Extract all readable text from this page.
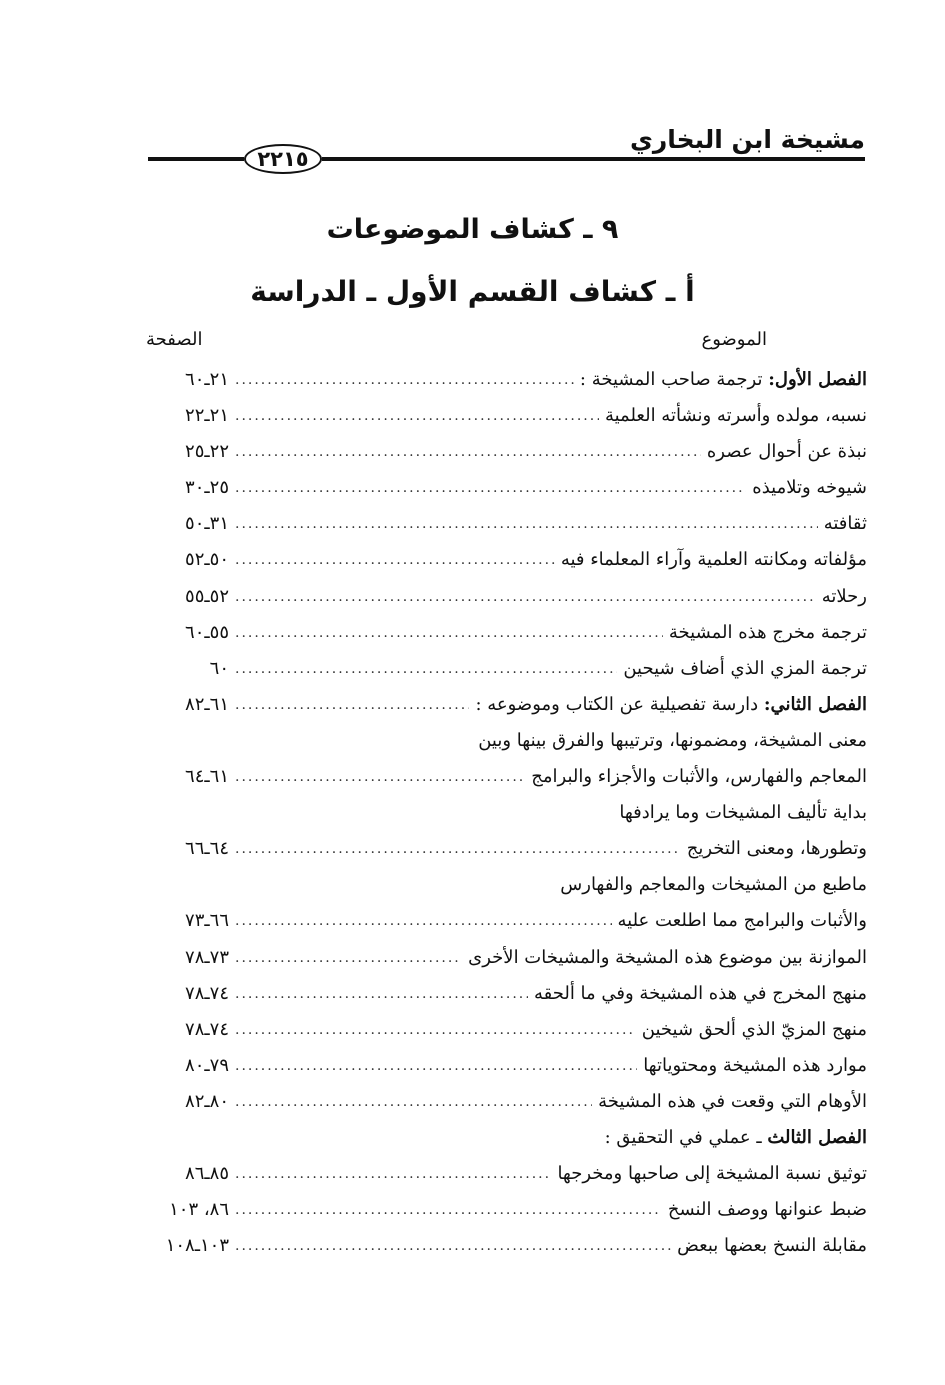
مشيخة ابن البخاري
٢٢١٥
٩ ـ كشاف الموضوعات
أ ـ كشاف القسم الأول ـ الدراسة
الموضوع
الصفحة
.....
الفصل الأول: ترجمة صاحب المشيخة :
٢١ـ٦٠
.....
نسبه، مولده وأسرته ونشأته العلمية
٢١ـ٢٢
.....
نبذة عن أحوال عصره
٢٢ـ٢٥
.....
شيوخه وتلاميذه
٢٥ـ٣٠
.....
ثقافته
٣١ـ٥٠
.....
مؤلفاته ومكانته العلمية وآراء المعلماء فيه
٥٠ـ٥٢
.....
رحلاته
٥٢ـ٥٥
.....
ترجمة مخرج هذه المشيخة
٥٥ـ٦٠
.....
ترجمة المزي الذي أضاف شيحين
٦٠
.....
الفصل الثاني: دارسة تفصيلية عن الكتاب وموضوعه :
٦١ـ٨٢
معنى المشيخة، ومضمونها، وترتيبها والفرق بينها وبين
.....
المعاجم والفهارس، والأثبات والأجزاء والبرامج
٦١ـ٦٤
بداية تأليف المشيخات وما يرادفها
.....
وتطورها، ومعنى التخريج
٦٤ـ٦٦
ماطبع من المشيخات والمعاجم والفهارس
.....
والأثبات والبرامج مما اطلعت عليه
٦٦ـ٧٣
.....
الموازنة بين موضوع هذه المشيخة والمشيخات الأخرى
٧٣ـ٧٨
.....
منهج المخرج في هذه المشيخة وفي ما ألحقه
٧٤ـ٧٨
.....
منهج المزيّ الذي ألحق شيخين
٧٤ـ٧٨
.....
موارد هذه المشيخة ومحتوياتها
٧٩ـ٨٠
.....
الأوهام التي وقعت في هذه المشيخة
٨٠ـ٨٢
الفصل الثالث ـ عملي في التحقيق :
.....
توثيق نسبة المشيخة إلى صاحبها ومخرجها
٨٥ـ٨٦
.....
ضبط عنوانها ووصف النسخ
٨٦، ١٠٣
.....
مقابلة النسخ بعضها ببعض
١٠٣ـ١٠٨
